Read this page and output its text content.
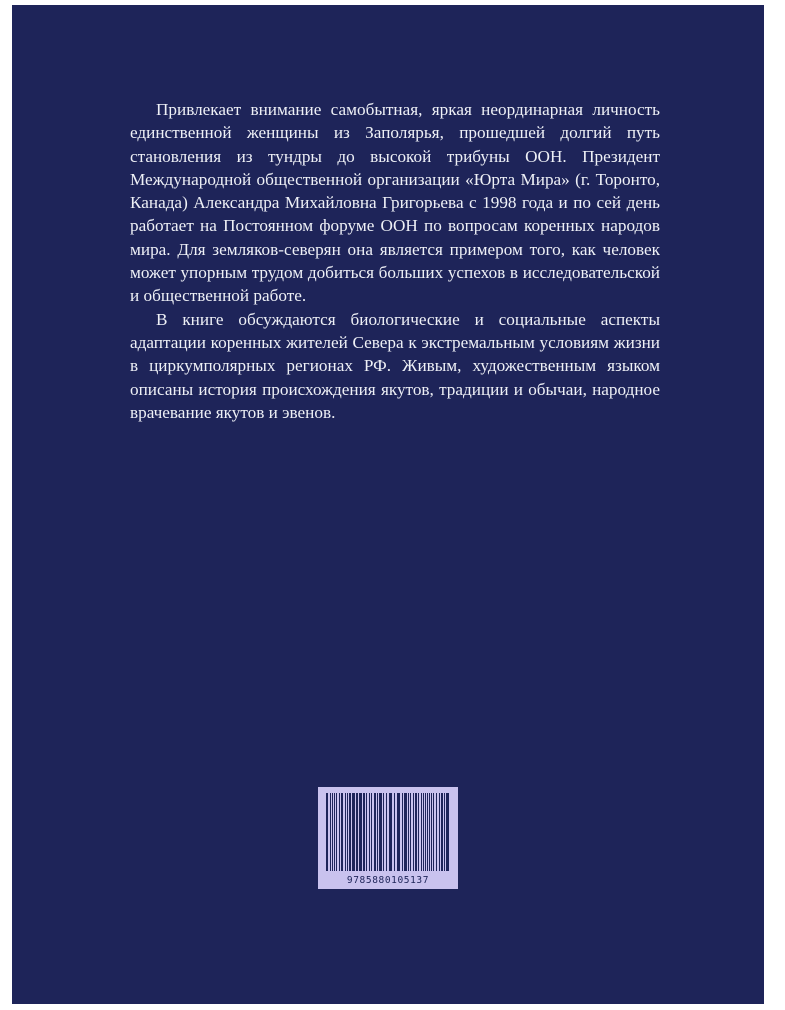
Привлекает внимание самобытная, яркая неординарная личность единственной женщины из Заполярья, прошедшей долгий путь становления из тундры до высокой трибуны ООН. Президент Международной общественной организации «Юрта Мира» (г. Торонто, Канада) Александра Михайловна Григорьева с 1998 года и по сей день работает на Постоянном форуме ООН по вопросам коренных народов мира. Для земляков-северян она является примером того, как человек может упорным трудом добиться больших успехов в исследовательской и общественной работе.

В книге обсуждаются биологические и социальные аспекты адаптации коренных жителей Севера к экстремальным условиям жизни в циркумполярных регионах РФ. Живым, художественным языком описаны история происхождения якутов, традиции и обычаи, народное врачевание якутов и эвенов.

9785880105137
